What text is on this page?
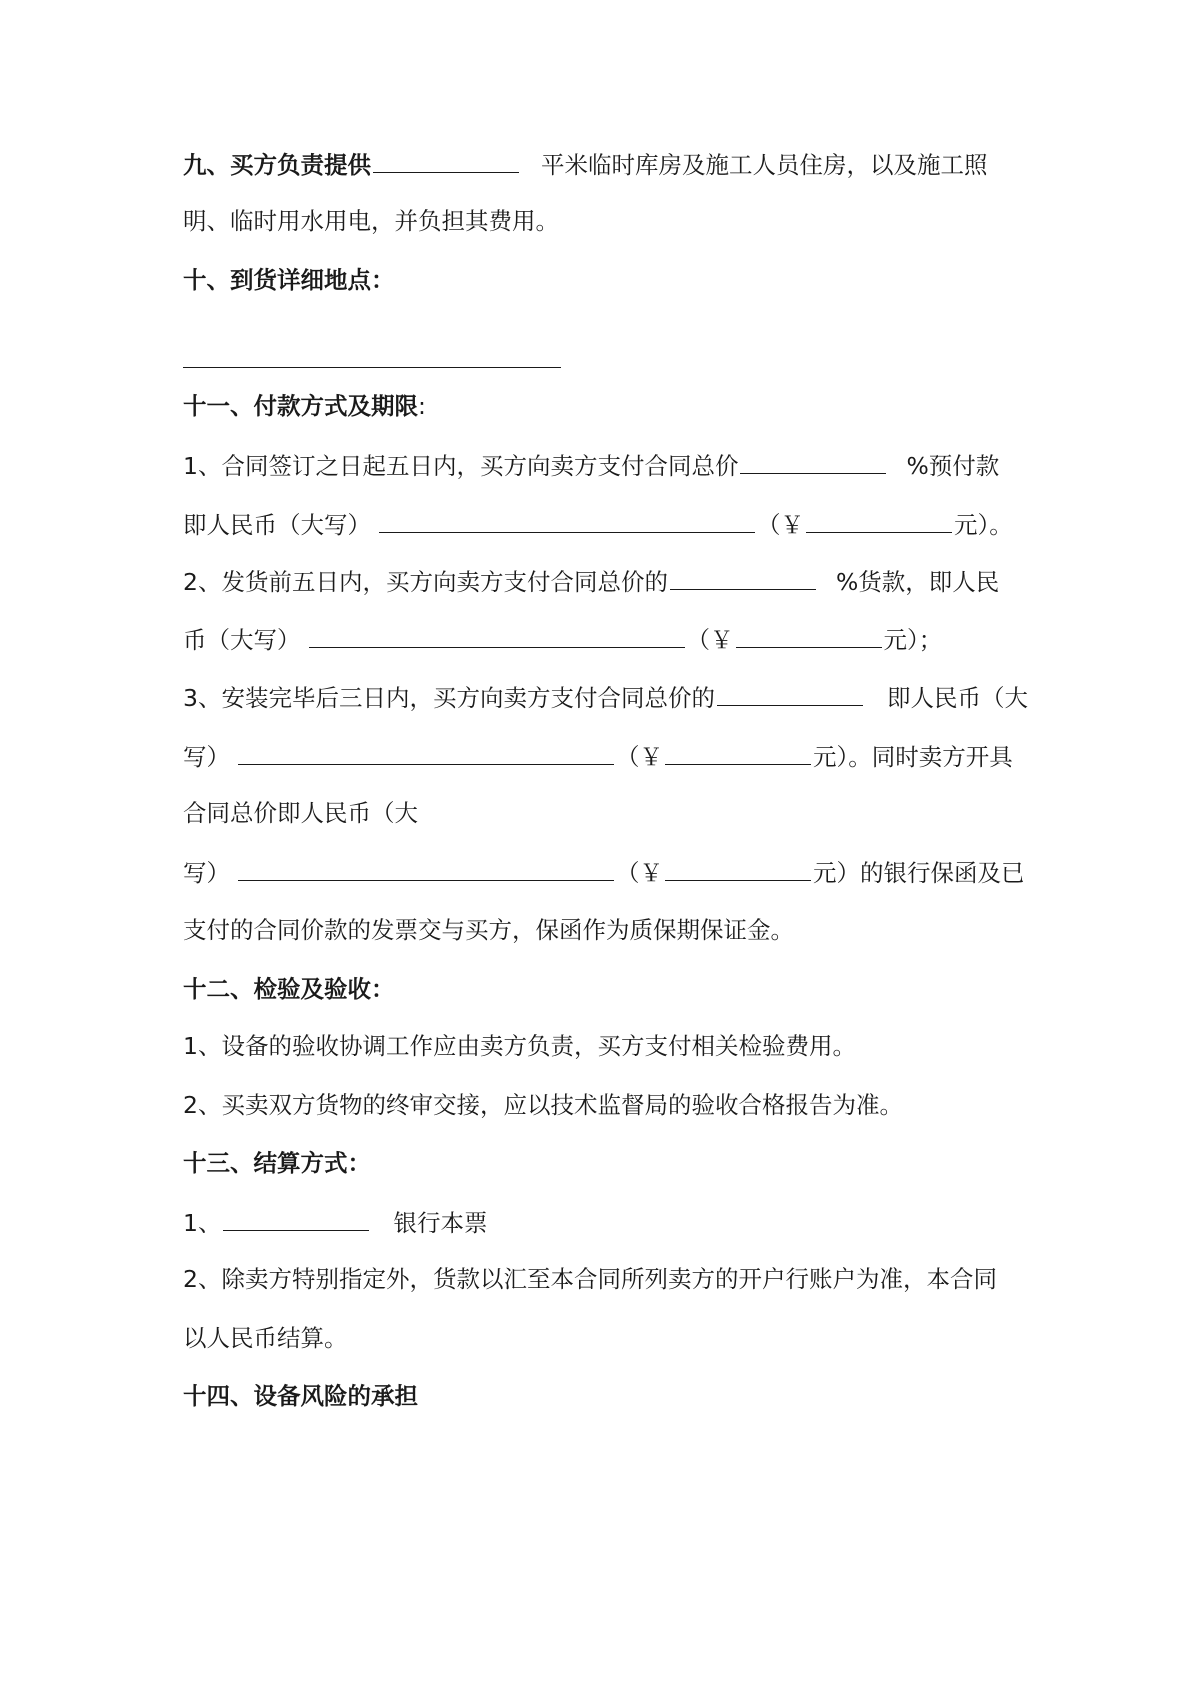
九、买方负责提供	平米临时库房及施工人员住房，以及施工照
明、临时用水用电，并负担其费用。
十、到货详细地点：
十一、付款方式及期限:
1、合同签订之日起五日内，买方向卖方支付合同总价	%预付款
即人民币（大写）	（￥	元）。
2、发货前五日内，买方向卖方支付合同总价的	%货款，即人民
币（大写）	（￥	元）；
3、安装完毕后三日内，买方向卖方支付合同总价的	即人民币（大
写）	（￥	元）。同时卖方开具
合同总价即人民币（大
写）	（￥	元）的银行保函及已
支付的合同价款的发票交与买方，保函作为质保期保证金。
十二、检验及验收：
1、设备的验收协调工作应由卖方负责，买方支付相关检验费用。
2、买卖双方货物的终审交接，应以技术监督局的验收合格报告为准。
十三、结算方式：
1、	银行本票
2、除卖方特别指定外，货款以汇至本合同所列卖方的开户行账户为准，本合同
以人民币结算。
十四、设备风险的承担
